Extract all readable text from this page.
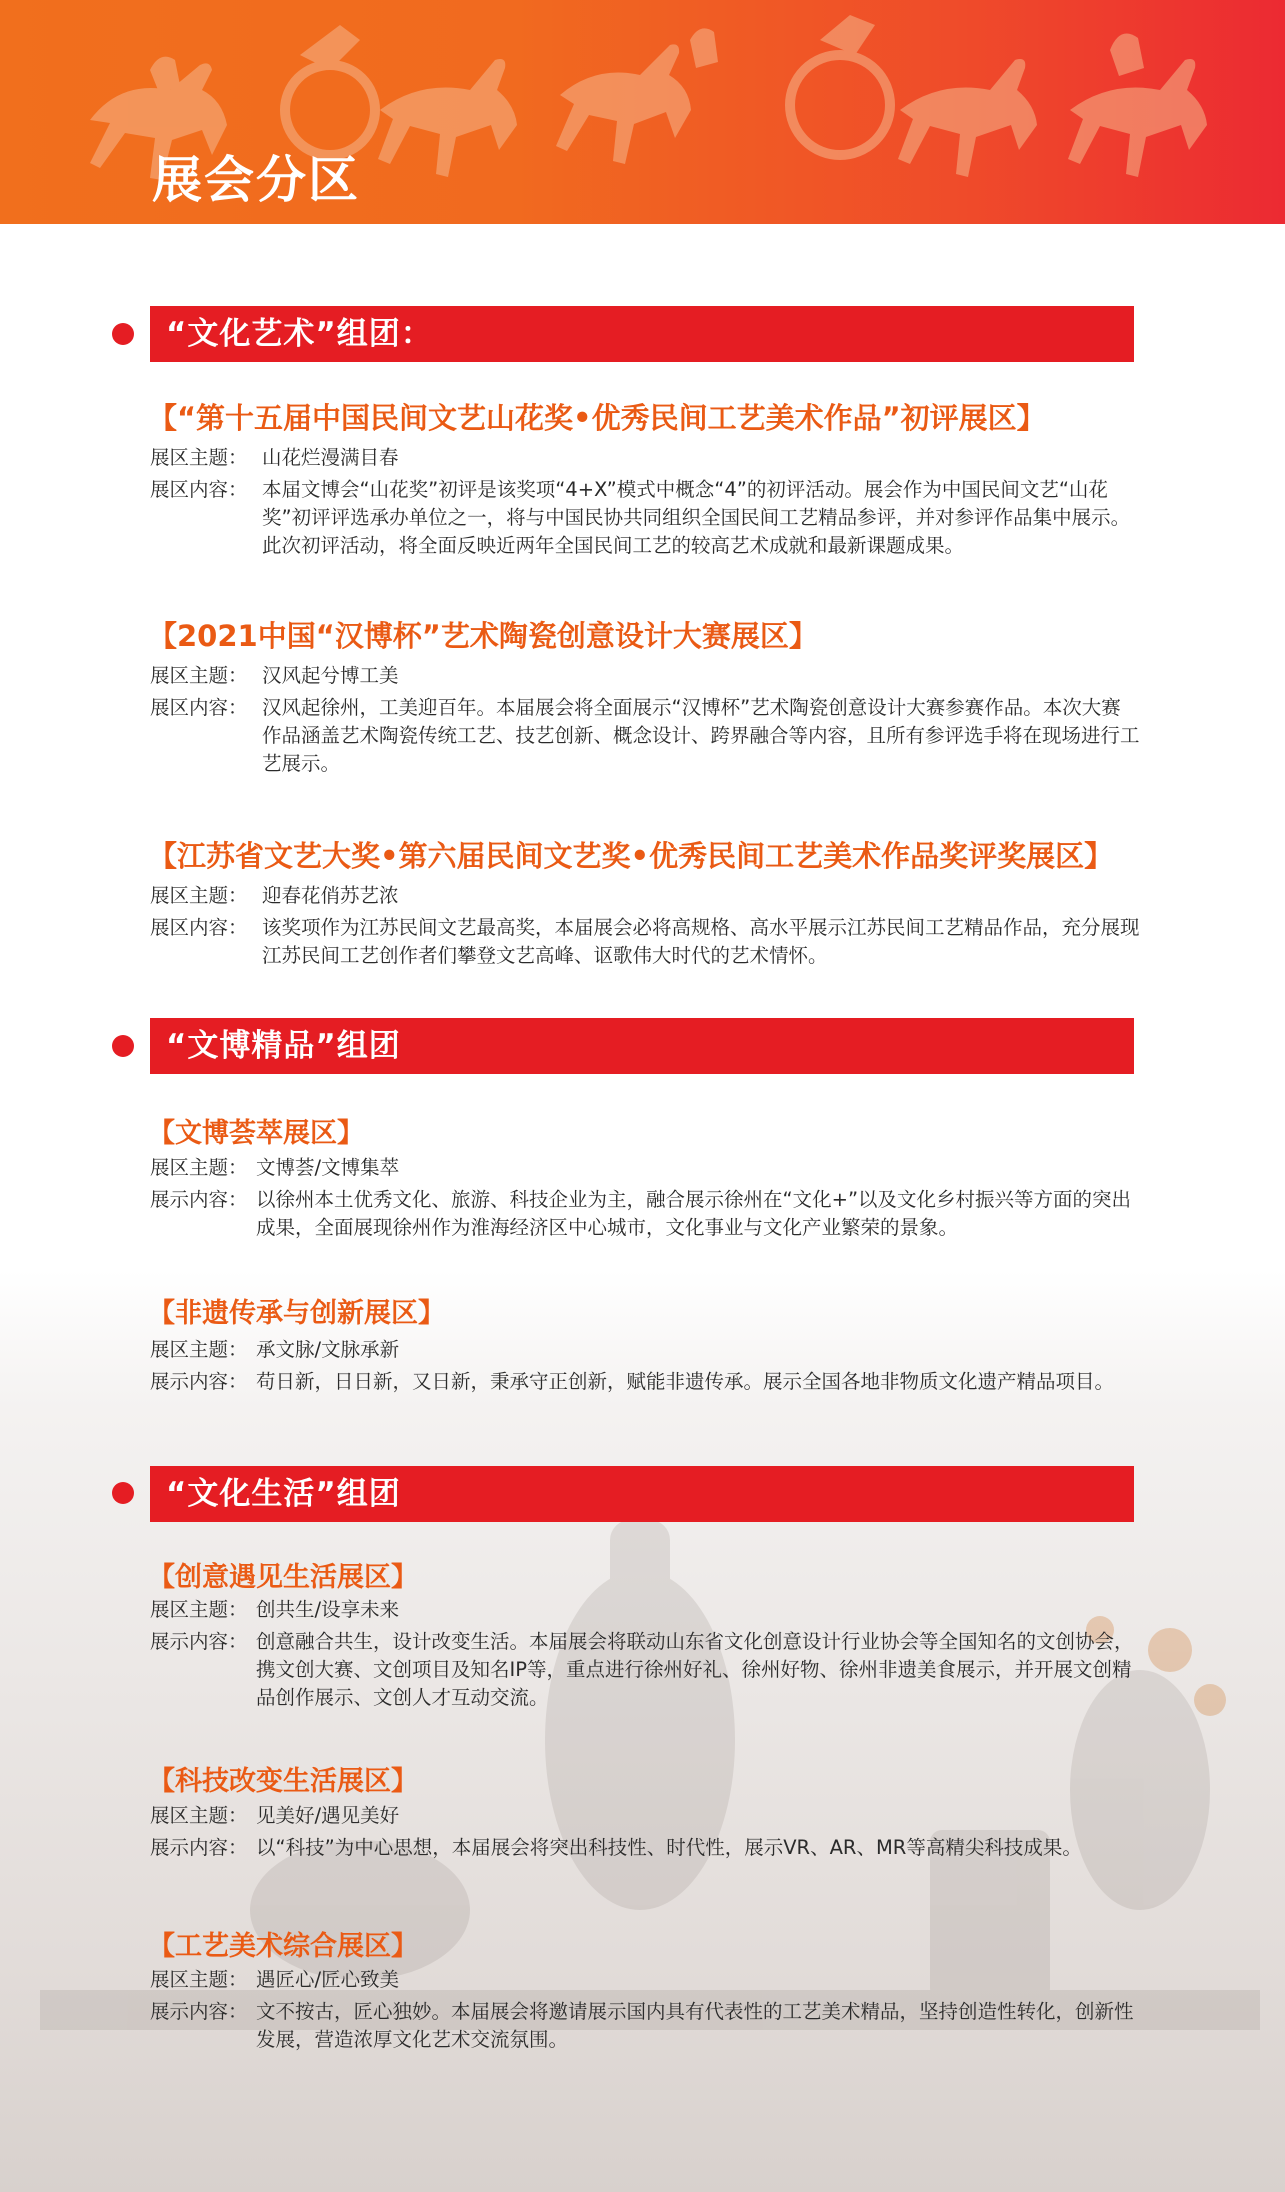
展会分区
“文化艺术”组团：
【“第十五届中国民间文艺山花奖•优秀民间工艺美术作品”初评展区】
展区主题： 山花烂漫满目春
展区内容： 本届文博会“山花奖”初评是该奖项“4+X”模式中概念“4”的初评活动。展会作为中国民间文艺“山花奖”初评评选承办单位之一，将与中国民协共同组织全国民间工艺精品参评，并对参评作品集中展示。此次初评活动，将全面反映近两年全国民间工艺的较高艺术成就和最新课题成果。
【2021中国“汉博杯”艺术陶瓷创意设计大赛展区】
展区主题： 汉风起兮博工美
展区内容： 汉风起徐州，工美迎百年。本届展会将全面展示“汉博杯”艺术陶瓷创意设计大赛参赛作品。本次大赛作品涵盖艺术陶瓷传统工艺、技艺创新、概念设计、跨界融合等内容，且所有参评选手将在现场进行工艺展示。
【江苏省文艺大奖•第六届民间文艺奖•优秀民间工艺美术作品奖评奖展区】
展区主题： 迎春花俏苏艺浓
展区内容： 该奖项作为江苏民间文艺最高奖，本届展会必将高规格、高水平展示江苏民间工艺精品作品，充分展现江苏民间工艺创作者们攀登文艺高峰、讴歌伟大时代的艺术情怀。
“文博精品”组团
【文博荟萃展区】
展区主题： 文博荟/文博集萃
展示内容： 以徐州本土优秀文化、旅游、科技企业为主，融合展示徐州在“文化+”以及文化乡村振兴等方面的突出成果，全面展现徐州作为淮海经济区中心城市，文化事业与文化产业繁荣的景象。
【非遗传承与创新展区】
展区主题： 承文脉/文脉承新
展示内容： 苟日新，日日新，又日新，秉承守正创新，赋能非遗传承。展示全国各地非物质文化遗产精品项目。
“文化生活”组团
【创意遇见生活展区】
展区主题： 创共生/设享未来
展示内容： 创意融合共生，设计改变生活。本届展会将联动山东省文化创意设计行业协会等全国知名的文创协会，携文创大赛、文创项目及知名IP等，重点进行徐州好礼、徐州好物、徐州非遗美食展示，并开展文创精品创作展示、文创人才互动交流。
【科技改变生活展区】
展区主题： 见美好/遇见美好
展示内容： 以“科技”为中心思想，本届展会将突出科技性、时代性，展示VR、AR、MR等高精尖科技成果。
【工艺美术综合展区】
展区主题： 遇匠心/匠心致美
展示内容： 文不按古，匠心独妙。本届展会将邀请展示国内具有代表性的工艺美术精品，坚持创造性转化，创新性发展，营造浓厚文化艺术交流氛围。
